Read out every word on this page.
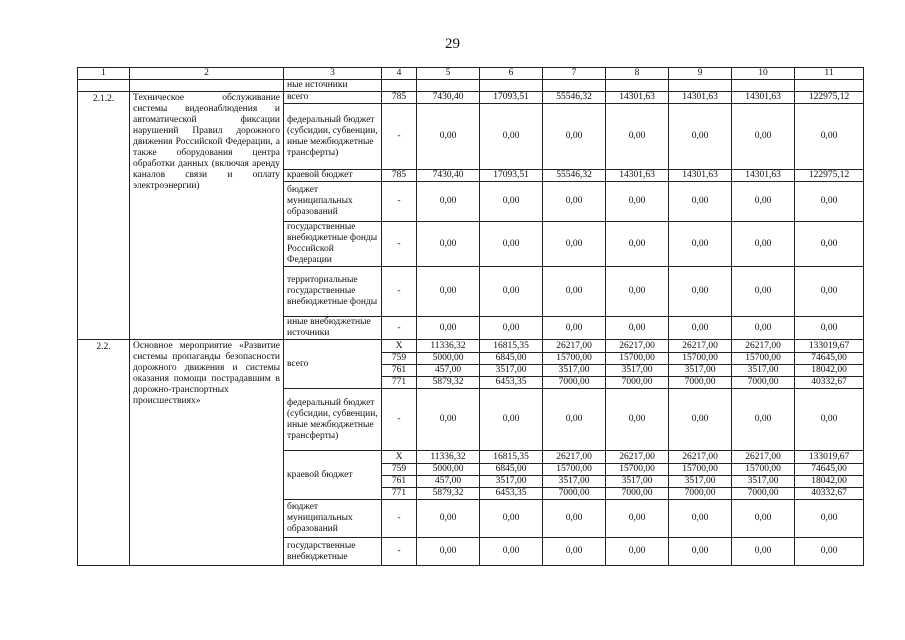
29
1	2	3	4	5	6	7	8	9	10	11
		ные источники								
2.1.2.	Техническое обслуживание системы видеонаблюдения и автоматической фиксации нарушений Правил дорожного движения Российской Федерации, а также оборудования центра обработки данных (включая аренду каналов связи и оплату электроэнергии)	всего	785	7430,40	17093,51	55546,32	14301,63	14301,63	14301,63	122975,12
		федеральный бюджет (субсидии, субвенции, иные межбюджетные трансферты)	-	0,00	0,00	0,00	0,00	0,00	0,00	0,00
		краевой бюджет	785	7430,40	17093,51	55546,32	14301,63	14301,63	14301,63	122975,12
		бюджет муниципальных образований	-	0,00	0,00	0,00	0,00	0,00	0,00	0,00
		государственные внебюджетные фонды Российской Федерации	-	0,00	0,00	0,00	0,00	0,00	0,00	0,00
		территориальные государственные внебюджетные фонды	-	0,00	0,00	0,00	0,00	0,00	0,00	0,00
		иные внебюджетные источники	-	0,00	0,00	0,00	0,00	0,00	0,00	0,00
2.2.	Основное мероприятие «Развитие системы пропаганды безопасности дорожного движения и системы оказания помощи пострадавшим в дорожно-транспортных происшествиях»	всего	Х	11336,32	16815,35	26217,00	26217,00	26217,00	26217,00	133019,67
			759	5000,00	6845,00	15700,00	15700,00	15700,00	15700,00	74645,00
			761	457,00	3517,00	3517,00	3517,00	3517,00	3517,00	18042,00
			771	5879,32	6453,35	7000,00	7000,00	7000,00	7000,00	40332,67
		федеральный бюджет (субсидии, субвенции, иные межбюджетные трансферты)	-	0,00	0,00	0,00	0,00	0,00	0,00	0,00
		краевой бюджет	Х	11336,32	16815,35	26217,00	26217,00	26217,00	26217,00	133019,67
			759	5000,00	6845,00	15700,00	15700,00	15700,00	15700,00	74645,00
			761	457,00	3517,00	3517,00	3517,00	3517,00	3517,00	18042,00
			771	5879,32	6453,35	7000,00	7000,00	7000,00	7000,00	40332,67
		бюджет муниципальных образований	-	0,00	0,00	0,00	0,00	0,00	0,00	0,00
		государственные внебюджетные	-	0,00	0,00	0,00	0,00	0,00	0,00	0,00
